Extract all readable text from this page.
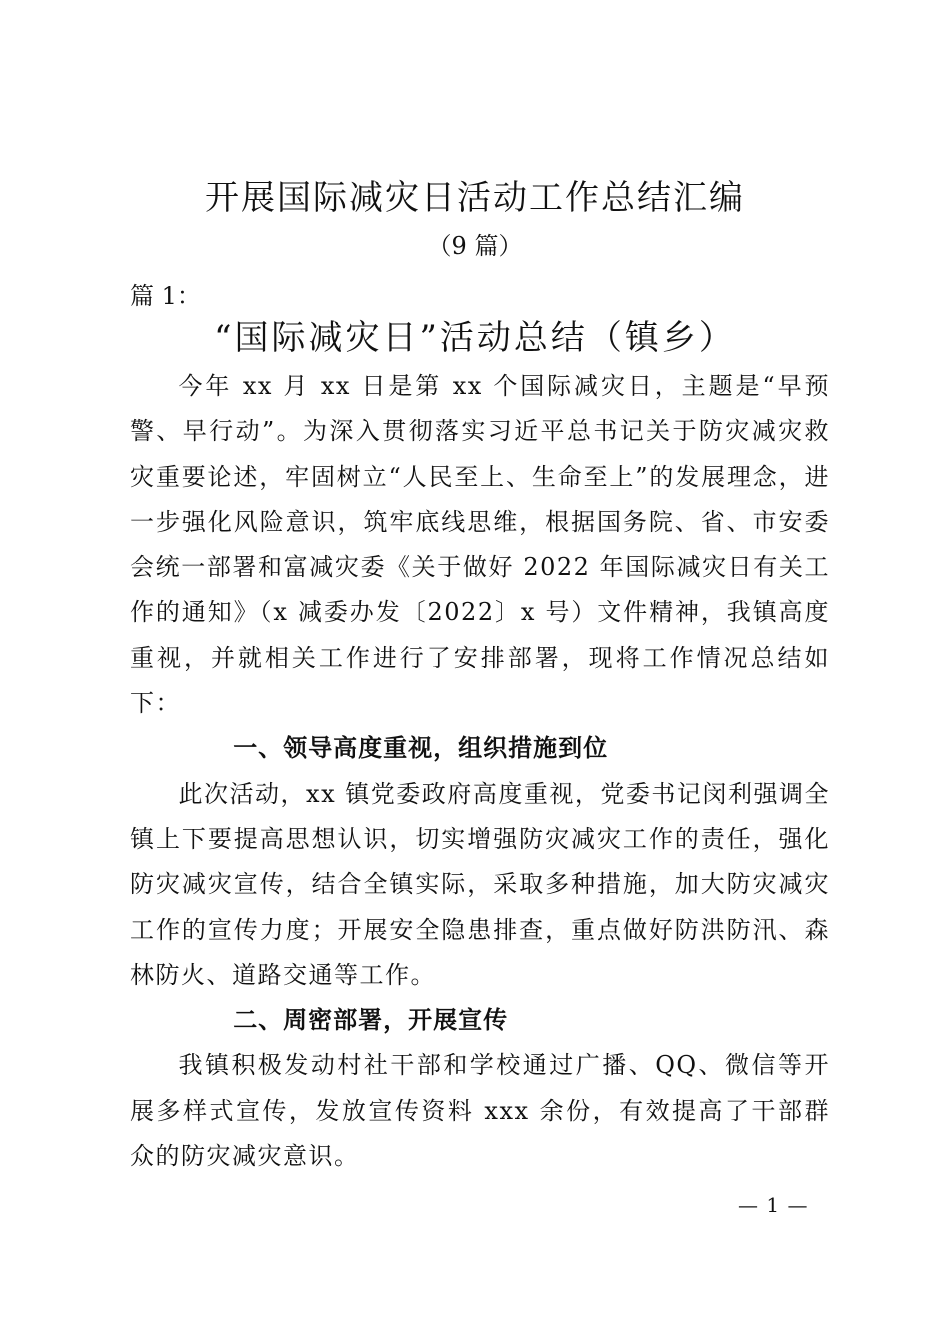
开展国际减灾日活动工作总结汇编
（9 篇）
篇 1：
“国际减灾日”活动总结（镇乡）

今年 xx 月 xx 日是第 xx 个国际减灾日，主题是“早预警、早行动”。为深入贯彻落实习近平总书记关于防灾减灾救灾重要论述，牢固树立“人民至上、生命至上”的发展理念，进一步强化风险意识，筑牢底线思维，根据国务院、省、市安委会统一部署和富减灾委《关于做好 2022 年国际减灾日有关工作的通知》（x 减委办发〔2022〕x 号）文件精神，我镇高度重视，并就相关工作进行了安排部署，现将工作情况总结如下：

一、领导高度重视，组织措施到位

此次活动，xx 镇党委政府高度重视，党委书记闵利强调全镇上下要提高思想认识，切实增强防灾减灾工作的责任，强化防灾减灾宣传，结合全镇实际，采取多种措施，加大防灾减灾工作的宣传力度；开展安全隐患排查，重点做好防洪防汛、森林防火、道路交通等工作。

二、周密部署，开展宣传

我镇积极发动村社干部和学校通过广播、QQ、微信等开展多样式宣传，发放宣传资料 xxx 余份，有效提高了干部群众的防灾减灾意识。

— 1 —
